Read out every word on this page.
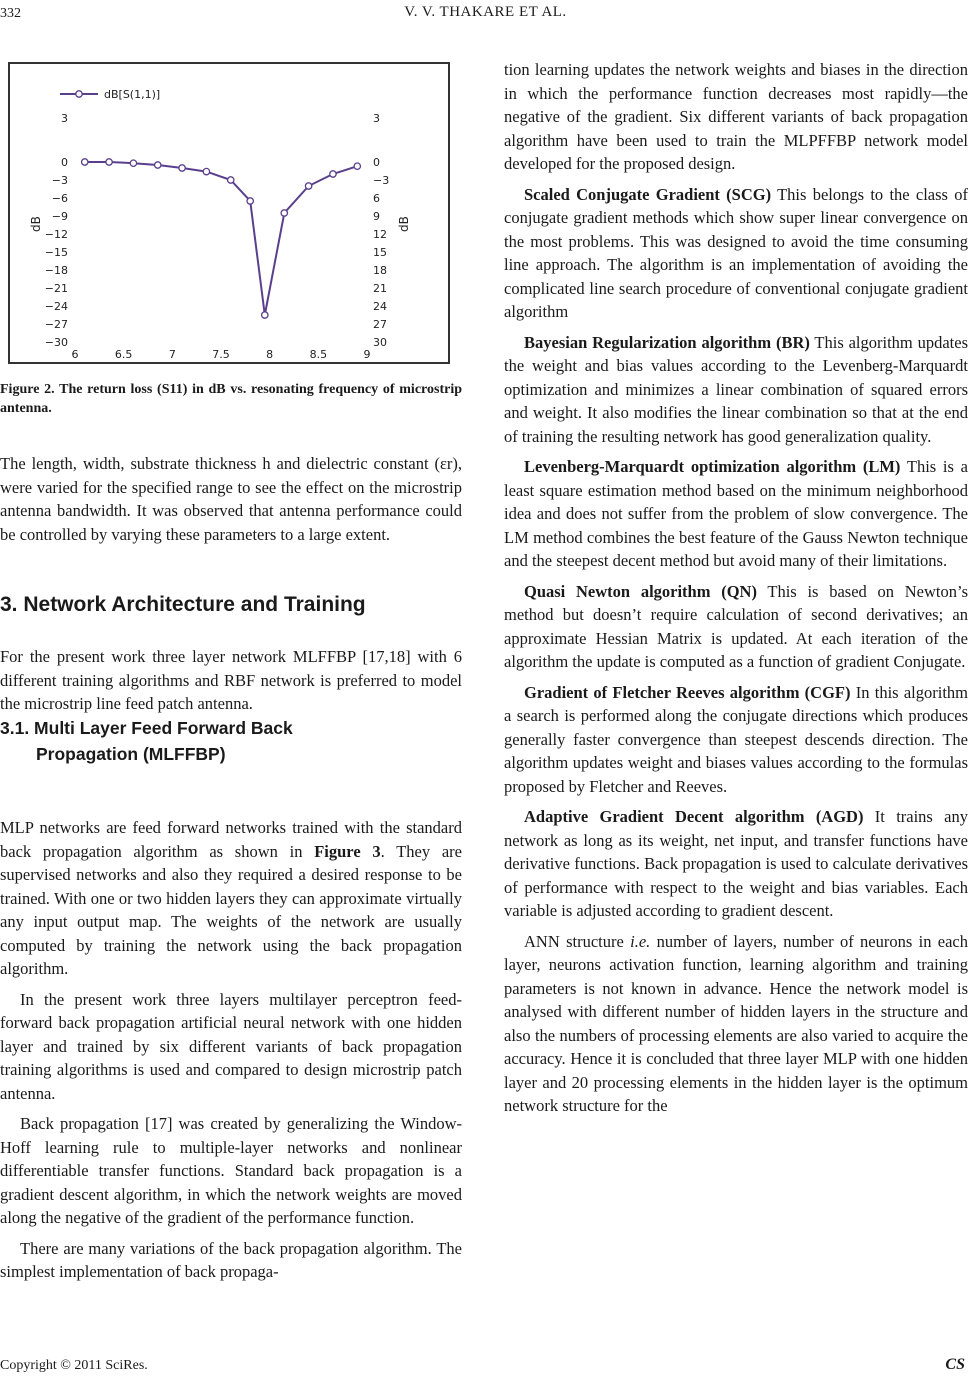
332	V. V. THAKARE ET AL.
3
0
−3
−6
−9
−12
−15
−18
−21
−24
−27
−30
3
0
−3
6
9
12
15
18
21
24
27
30
6	6.5	7	7.5	8	8.5	9
dB	dB
dB[S(1,1)]
Figure 2. The return loss (S11) in dB vs. resonating frequency of microstrip antenna.

The length, width, substrate thickness h and dielectric constant (εr), were varied for the specified range to see the effect on the microstrip antenna bandwidth. It was observed that antenna performance could be controlled by varying these parameters to a large extent.

3. Network Architecture and Training

For the present work three layer network MLFFBP [17,18] with 6 different training algorithms and RBF network is preferred to model the microstrip line feed patch antenna.

3.1. Multi Layer Feed Forward Back
Propagation (MLFFBP)

MLP networks are feed forward networks trained with the standard back propagation algorithm as shown in Figure 3. They are supervised networks and also they required a desired response to be trained. With one or two hidden layers they can approximate virtually any input output map. The weights of the network are usually computed by training the network using the back propagation algorithm.

In the present work three layers multilayer perceptron feed-forward back propagation artificial neural network with one hidden layer and trained by six different variants of back propagation training algorithms is used and compared to design microstrip patch antenna.

Back propagation [17] was created by generalizing the Window-Hoff learning rule to multiple-layer networks and nonlinear differentiable transfer functions. Standard back propagation is a gradient descent algorithm, in which the network weights are moved along the negative of the gradient of the performance function.

There are many variations of the back propagation algorithm. The simplest implementation of back propaga-

tion learning updates the network weights and biases in the direction in which the performance function decreases most rapidly—the negative of the gradient. Six different variants of back propagation algorithm have been used to train the MLPFFBP network model developed for the proposed design.

Scaled Conjugate Gradient (SCG) This belongs to the class of conjugate gradient methods which show super linear convergence on the most problems. This was designed to avoid the time consuming line approach. The algorithm is an implementation of avoiding the complicated line search procedure of conventional conjugate gradient algorithm

Bayesian Regularization algorithm (BR) This algorithm updates the weight and bias values according to the Levenberg-Marquardt optimization and minimizes a linear combination of squared errors and weight. It also modifies the linear combination so that at the end of training the resulting network has good generalization quality.

Levenberg-Marquardt optimization algorithm (LM) This is a least square estimation method based on the minimum neighborhood idea and does not suffer from the problem of slow convergence. The LM method combines the best feature of the Gauss Newton technique and the steepest decent method but avoid many of their limitations.

Quasi Newton algorithm (QN) This is based on Newton’s method but doesn’t require calculation of second derivatives; an approximate Hessian Matrix is updated. At each iteration of the algorithm the update is computed as a function of gradient Conjugate.

Gradient of Fletcher Reeves algorithm (CGF) In this algorithm a search is performed along the conjugate directions which produces generally faster convergence than steepest descends direction. The algorithm updates weight and biases values according to the formulas proposed by Fletcher and Reeves.

Adaptive Gradient Decent algorithm (AGD) It trains any network as long as its weight, net input, and transfer functions have derivative functions. Back propagation is used to calculate derivatives of performance with respect to the weight and bias variables. Each variable is adjusted according to gradient descent.

ANN structure i.e. number of layers, number of neurons in each layer, neurons activation function, learning algorithm and training parameters is not known in advance. Hence the network model is analysed with different number of hidden layers in the structure and also the numbers of processing elements are also varied to acquire the accuracy. Hence it is concluded that three layer MLP with one hidden layer and 20 processing elements in the hidden layer is the optimum network structure for the

Copyright © 2011 SciRes.	CS
